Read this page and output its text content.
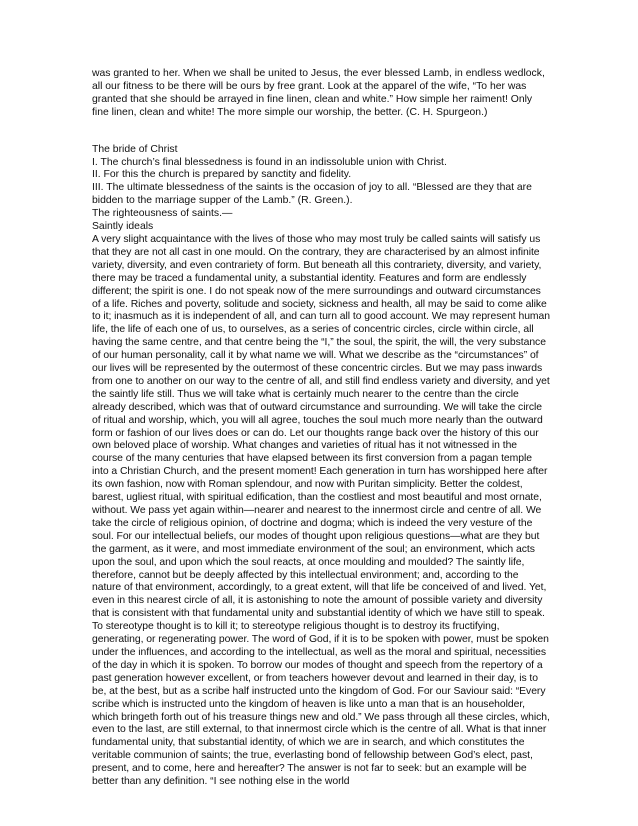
was granted to her. When we shall be united to Jesus, the ever blessed Lamb, in endless wedlock, all our fitness to be there will be ours by free grant. Look at the apparel of the wife, “To her was granted that she should be arrayed in fine linen, clean and white.” How simple her raiment! Only fine linen, clean and white! The more simple our worship, the better. (C. H. Spurgeon.)

The bride of Christ

I. The church’s final blessedness is found in an indissoluble union with Christ.

II. For this the church is prepared by sanctity and fidelity.

III. The ultimate blessedness of the saints is the occasion of joy to all. “Blessed are they that are bidden to the marriage supper of the Lamb.” (R. Green.).

The righteousness of saints.—

Saintly ideals

A very slight acquaintance with the lives of those who may most truly be called saints will satisfy us that they are not all cast in one mould. On the contrary, they are characterised by an almost infinite variety, diversity, and even contrariety of form. But beneath all this contrariety, diversity, and variety, there may be traced a fundamental unity, a substantial identity. Features and form are endlessly different; the spirit is one. I do not speak now of the mere surroundings and outward circumstances of a life. Riches and poverty, solitude and society, sickness and health, all may be said to come alike to it; inasmuch as it is independent of all, and can turn all to good account. We may represent human life, the life of each one of us, to ourselves, as a series of concentric circles, circle within circle, all having the same centre, and that centre being the “I,” the soul, the spirit, the will, the very substance of our human personality, call it by what name we will. What we describe as the “circumstances” of our lives will be represented by the outermost of these concentric circles. But we may pass inwards from one to another on our way to the centre of all, and still find endless variety and diversity, and yet the saintly life still. Thus we will take what is certainly much nearer to the centre than the circle already described, which was that of outward circumstance and surrounding. We will take the circle of ritual and worship, which, you will all agree, touches the soul much more nearly than the outward form or fashion of our lives does or can do. Let our thoughts range back over the history of this our own beloved place of worship. What changes and varieties of ritual has it not witnessed in the course of the many centuries that have elapsed between its first conversion from a pagan temple into a Christian Church, and the present moment! Each generation in turn has worshipped here after its own fashion, now with Roman splendour, and now with Puritan simplicity. Better the coldest, barest, ugliest ritual, with spiritual edification, than the costliest and most beautiful and most ornate, without. We pass yet again within—nearer and nearest to the innermost circle and centre of all. We take the circle of religious opinion, of doctrine and dogma; which is indeed the very vesture of the soul. For our intellectual beliefs, our modes of thought upon religious questions—what are they but the garment, as it were, and most immediate environment of the soul; an environment, which acts upon the soul, and upon which the soul reacts, at once moulding and moulded? The saintly life, therefore, cannot but be deeply affected by this intellectual environment; and, according to the nature of that environment, accordingly, to a great extent, will that life be conceived of and lived. Yet, even in this nearest circle of all, it is astonishing to note the amount of possible variety and diversity that is consistent with that fundamental unity and substantial identity of which we have still to speak. To stereotype thought is to kill it; to stereotype religious thought is to destroy its fructifying, generating, or regenerating power. The word of God, if it is to be spoken with power, must be spoken under the influences, and according to the intellectual, as well as the moral and spiritual, necessities of the day in which it is spoken. To borrow our modes of thought and speech from the repertory of a past generation however excellent, or from teachers however devout and learned in their day, is to be, at the best, but as a scribe half instructed unto the kingdom of God. For our Saviour said: “Every scribe which is instructed unto the kingdom of heaven is like unto a man that is an householder, which bringeth forth out of his treasure things new and old.” We pass through all these circles, which, even to the last, are still external, to that innermost circle which is the centre of all. What is that inner fundamental unity, that substantial identity, of which we are in search, and which constitutes the veritable communion of saints; the true, everlasting bond of fellowship between God’s elect, past, present, and to come, here and hereafter? The answer is not far to seek: but an example will be better than any definition. “I see nothing else in the world
